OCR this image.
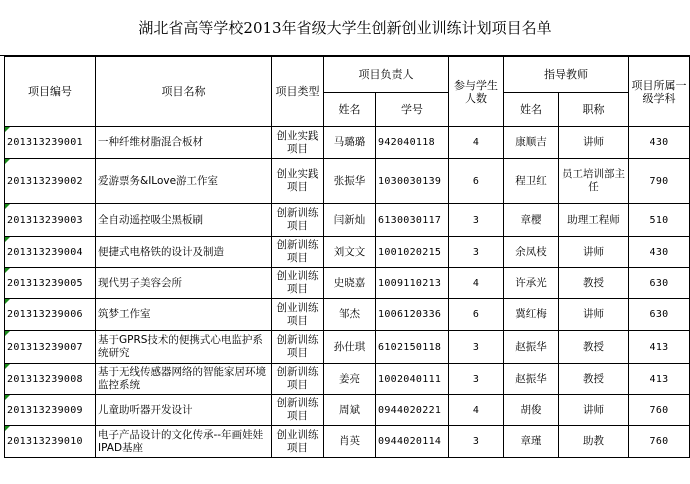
湖北省高等学校2013年省级大学生创新创业训练计划项目名单
项目编号	项目名称	项目类型	项目负责人		参与学生人数	指导教师		项目所属一级学科
			姓名	学号		姓名	职称	
201313239001	一种纤维材脂混合板材	创业实践项目	马璐璐	942040118	4	康顺吉	讲师	430
201313239002	爱游票务&ILove游工作室	创业实践项目	张振华	1030030139	6	程卫红	员工培训部主任	790
201313239003	全自动遥控吸尘黑板刷	创新训练项目	闫新灿	6130030117	3	章樱	助理工程师	510
201313239004	便捷式电格铁的设计及制造	创新训练项目	刘文文	1001020215	3	余凤枝	讲师	430
201313239005	现代男子美容会所	创业训练项目	史晓嘉	1009110213	4	许承光	教授	630
201313239006	筑梦工作室	创业训练项目	邹杰	1006120336	6	冀红梅	讲师	630
201313239007	基于GPRS技术的便携式心电监护系统研究	创新训练项目	孙仕琪	6102150118	3	赵振华	教授	413
201313239008	基于无线传感器网络的智能家居环境监控系统	创新训练项目	姜亮	1002040111	3	赵振华	教授	413
201313239009	儿童助听器开发设计	创新训练项目	周斌	0944020221	4	胡俊	讲师	760
201313239010	电子产品设计的文化传承--年画娃娃IPAD基座	创业训练项目	肖英	0944020114	3	章瑾	助教	760
